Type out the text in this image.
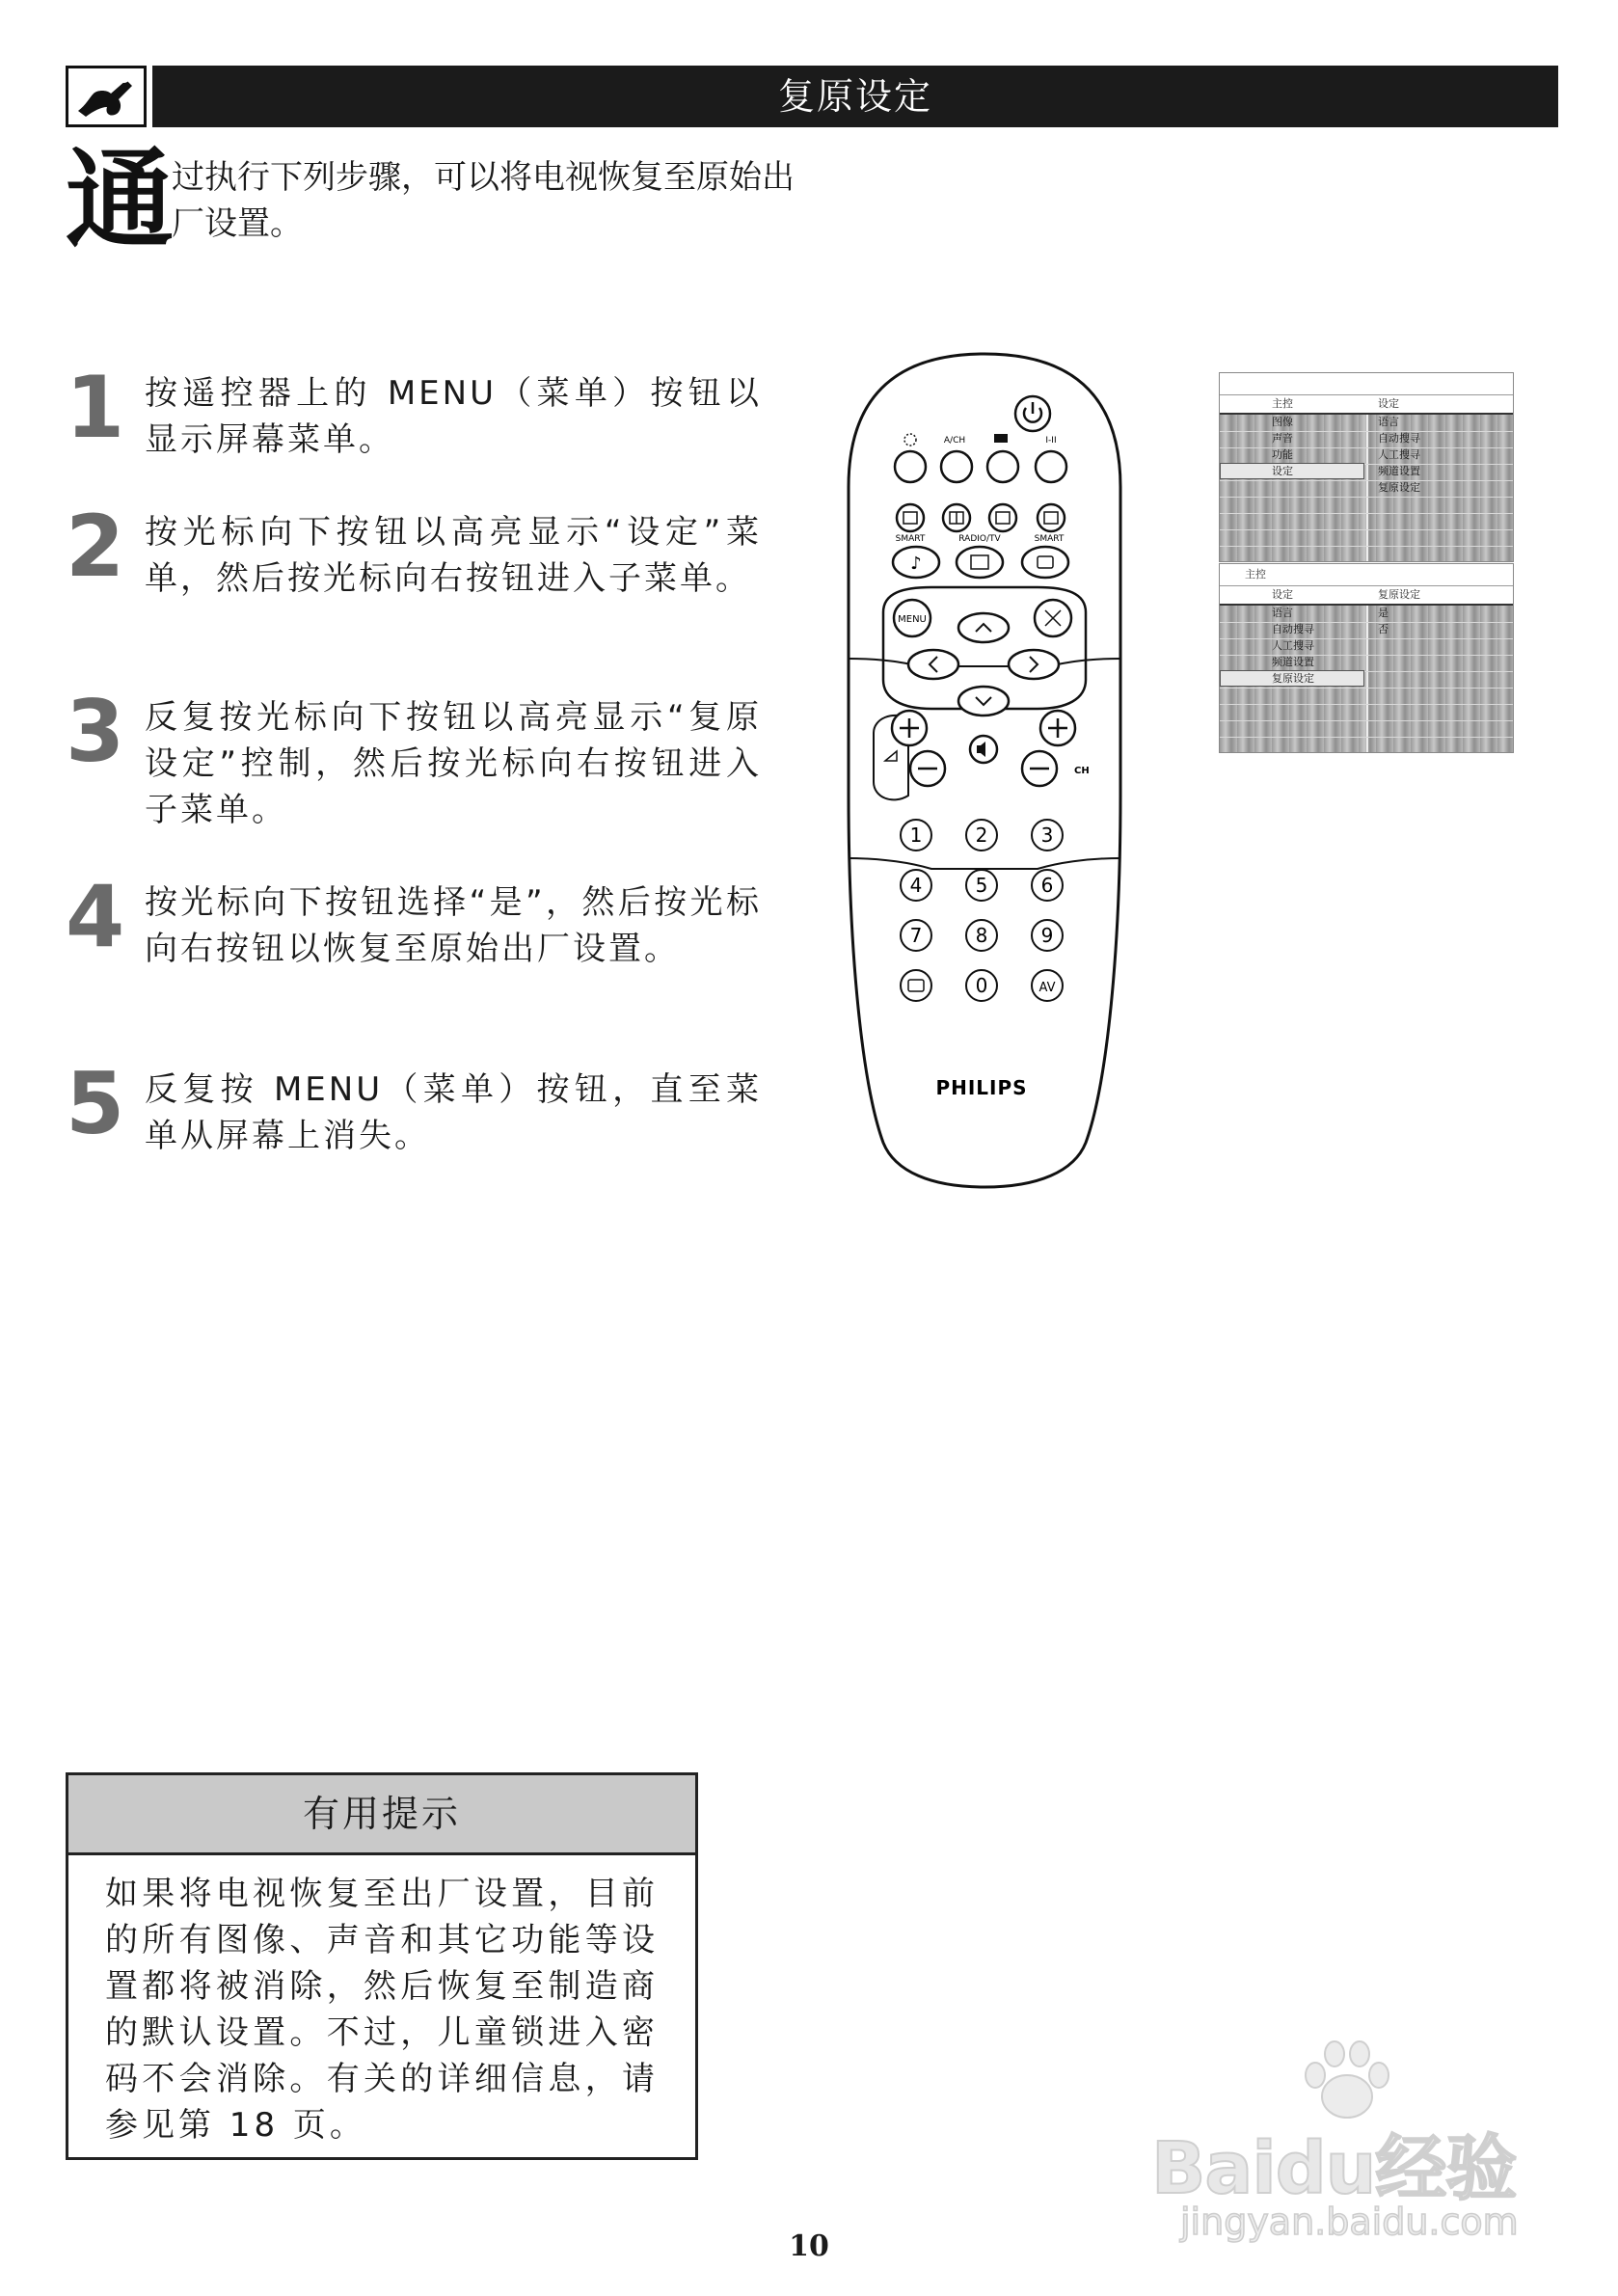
复原设定
通
过执行下列步骤，可以将电视恢复至原始出厂设置。
1 按遥控器上的 MENU（菜单）按钮以显示屏幕菜单。
2 按光标向下按钮以高亮显示“设定”菜单，然后按光标向右按钮进入子菜单。
3 反复按光标向下按钮以高亮显示“复原设定”控制，然后按光标向右按钮进入子菜单。
4 按光标向下按钮选择“是”，然后按光标向右按钮以恢复至原始出厂设置。
5 反复按 MENU（菜单）按钮，直至菜单从屏幕上消失。
主控	设定
图像
声音
功能
设定
语言
自动搜寻
人工搜寻
频道设置
复原设定
主控
设定	复原设定
语言
自动搜寻
人工搜寻
频道设置
复原设定
是
否
A/CH	I-II
SMART	RADIO/TV	SMART
♪
MENU
CH
1	2	3
4	5	6
7	8	9
0	AV
PHILIPS
有用提示
如果将电视恢复至出厂设置，目前的所有图像、声音和其它功能等设置都将被消除，然后恢复至制造商的默认设置。不过，儿童锁进入密码不会消除。有关的详细信息，请参见第 18 页。
Baidu经验
jingyan.baidu.com
10
